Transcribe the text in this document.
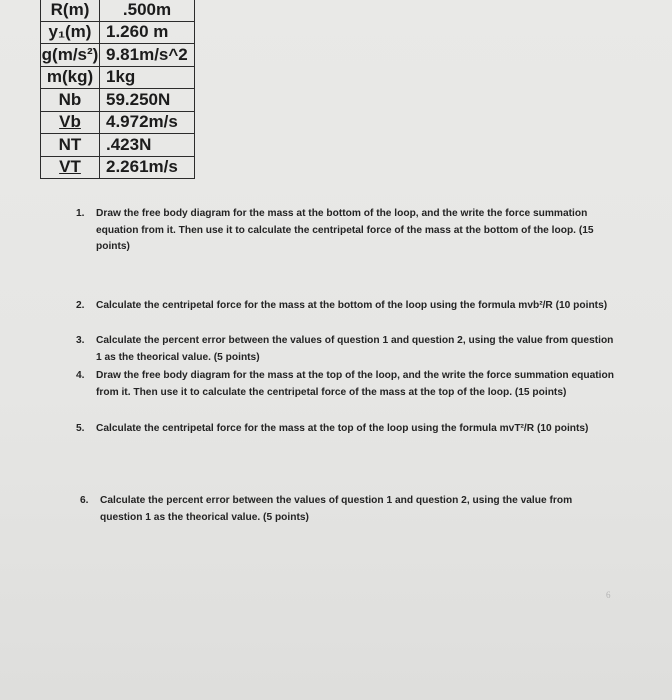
R(m)	.500m
y₁(m)	1.260 m
g(m/s²)	9.81m/s^2
m(kg)	1kg
Nb	59.250N
Vb	4.972m/s
NT	.423N
VT	2.261m/s
1. Draw the free body diagram for the mass at the bottom of the loop, and the write the force summation equation from it. Then use it to calculate the centripetal force of the mass at the bottom of the loop. (15 points)
2. Calculate the centripetal force for the mass at the bottom of the loop using the formula mvb²/R (10 points)
3. Calculate the percent error between the values of question 1 and question 2, using the value from question 1 as the theorical value. (5 points)
4. Draw the free body diagram for the mass at the top of the loop, and the write the force summation equation from it. Then use it to calculate the centripetal force of the mass at the top of the loop. (15 points)
5. Calculate the centripetal force for the mass at the top of the loop using the formula mvT²/R (10 points)
6. Calculate the percent error between the values of question 1 and question 2, using the value from question 1 as the theorical value. (5 points)
6
